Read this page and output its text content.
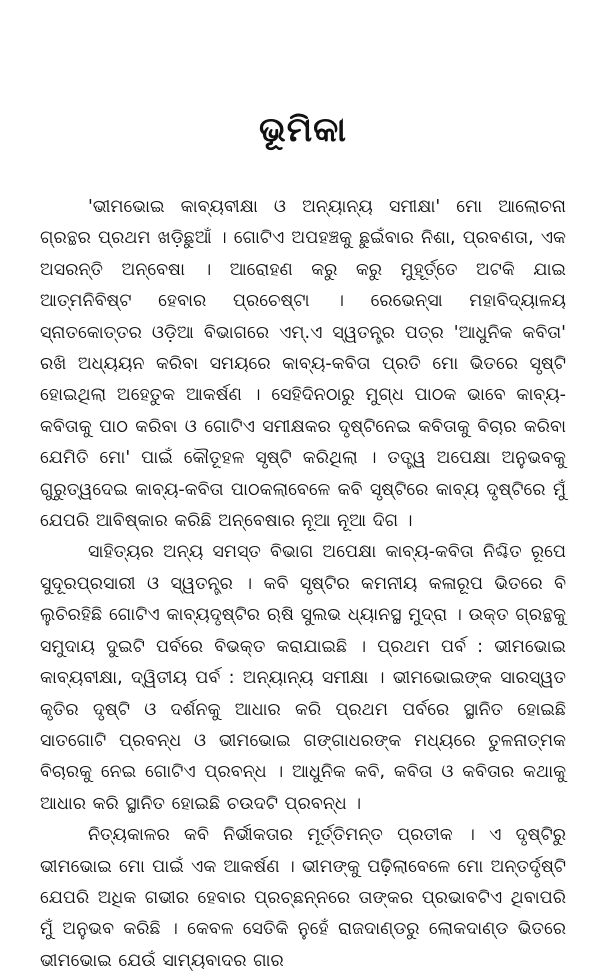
ଭୂମିକା

'ଭୀମଭୋଇ କାବ୍ୟବୀକ୍ଷା ଓ ଅନ୍ୟାନ୍ୟ ସମୀକ୍ଷା' ମୋ ଆଲୋଚନା ଗ୍ରନ୍ଥର ପ୍ରଥମ ଖଡ଼ିଛୁଆଁ । ଗୋଟିଏ ଅପହଞ୍ଚକୁ ଛୁଇଁବାର ନିଶା, ପ୍ରବଣତା, ଏକ ଅସରନ୍ତି ଅନ୍ବେଷା । ଆରୋହଣ କରୁ କରୁ ମୁହୂର୍ତ୍ତେ ଅଟକି ଯାଇ ଆତ୍ମନିବିଷ୍ଟ ହେବାର ପ୍ରଚେଷ୍ଟା । ରେଭେନ୍‌ସା ମହାବିଦ୍ୟାଳୟ ସ୍ନାତକୋତ୍ତର ଓଡ଼ିଆ ବିଭାଗରେ ଏମ୍.ଏ ସ୍ୱତନ୍ତ୍ର ପତ୍ର 'ଆଧୁନିକ କବିତା' ରଖି ଅଧ୍ୟୟନ କରିବା ସମୟରେ କାବ୍ୟ-କବିତା ପ୍ରତି ମୋ ଭିତରେ ସୃଷ୍ଟି ହୋଇଥିଲା ଅହେତୁକ ଆକର୍ଷଣ । ସେହିଦିନଠାରୁ ମୁଗ୍ଧ ପାଠକ ଭାବେ କାବ୍ୟ-କବିତାକୁ ପାଠ କରିବା ଓ ଗୋଟିଏ ସମୀକ୍ଷକର ଦୃଷ୍ଟିନେଇ କବିତାକୁ ବିଚାର କରିବା ଯେମିତି ମୋ' ପାଇଁ କୌତୂହଳ ସୃଷ୍ଟି କରିଥିଲା । ତତ୍ତ୍ୱ ଅପେକ୍ଷା ଅନୁଭବକୁ ଗୁରୁତ୍ୱଦେଇ କାବ୍ୟ-କବିତା ପାଠକଲାବେଳେ କବି ସୃଷ୍ଟିରେ କାବ୍ୟ ଦୃଷ୍ଟିରେ ମୁଁ ଯେପରି ଆବିଷ୍କାର କରିଛି ଅନ୍ବେଷାର ନୂଆ ନୂଆ ଦିଗ ।

ସାହିତ୍ୟର ଅନ୍ୟ ସମସ୍ତ ବିଭାଗ ଅପେକ୍ଷା କାବ୍ୟ-କବିତା ନିଶ୍ଚିତ ରୂପେ ସୁଦୂରପ୍ରସାରୀ ଓ ସ୍ୱତନ୍ତ୍ର । କବି ସୃଷ୍ଟିର କମନୀୟ କଳାରୂପ ଭିତରେ ବି ଲୁଚିରହିଛି ଗୋଟିଏ କାବ୍ୟଦୃଷ୍ଟିର ଋଷି ସୁଲଭ ଧ୍ୟାନସ୍ଥ ମୁଦ୍ରା । ଉକ୍ତ ଗ୍ରନ୍ଥକୁ ସମୁଦାୟ ଦୁଇଟି ପର୍ବରେ ବିଭକ୍ତ କରାଯାଇଛି । ପ୍ରଥମ ପର୍ବ : ଭୀମଭୋଇ କାବ୍ୟବୀକ୍ଷା, ଦ୍ୱିତୀୟ ପର୍ବ : ଅନ୍ୟାନ୍ୟ ସମୀକ୍ଷା । ଭୀମଭୋଇଙ୍କ ସାରସ୍ୱତ କୃତିର ଦୃଷ୍ଟି ଓ ଦର୍ଶନକୁ ଆଧାର କରି ପ୍ରଥମ ପର୍ବରେ ସ୍ଥାନିତ ହୋଇଛି ସାତଗୋଟି ପ୍ରବନ୍ଧ ଓ ଭୀମଭୋଇ ଗଙ୍ଗାଧରଙ୍କ ମଧ୍ୟରେ ତୁଳନାତ୍ମକ ବିଚାରକୁ ନେଇ ଗୋଟିଏ ପ୍ରବନ୍ଧ । ଆଧୁନିକ କବି, କବିତା ଓ କବିତାର କଥାକୁ ଆଧାର କରି ସ୍ଥାନିତ ହୋଇଛି ଚଉଦଟି ପ୍ରବନ୍ଧ ।

ନିତ୍ୟକାଳର କବି ନିର୍ଭୀକତାର ମୂର୍ତ୍ତିମନ୍ତ ପ୍ରତୀକ । ଏ ଦୃଷ୍ଟିରୁ ଭୀମଭୋଇ ମୋ ପାଇଁ ଏକ ଆକର୍ଷଣ । ଭୀମଙ୍କୁ ପଢ଼ିଲାବେଳେ ମୋ ଅନ୍ତର୍ଦୃଷ୍ଟି ଯେପରି ଅଧିକ ଗଭୀର ହେବାର ପ୍ରଚ୍ଛନ୍ନରେ ତାଙ୍କର ପ୍ରଭାବଟିଏ ଥିବାପରି ମୁଁ ଅନୁଭବ କରିଛି । କେବଳ ସେତିକି ନୁହେଁ ରାଜଦାଣ୍ଡରୁ ଲୋକଦାଣ୍ଡ ଭିତରେ ଭୀମଭୋଇ ଯେଉଁ ସାମ୍ୟବାଦର ଗାର
